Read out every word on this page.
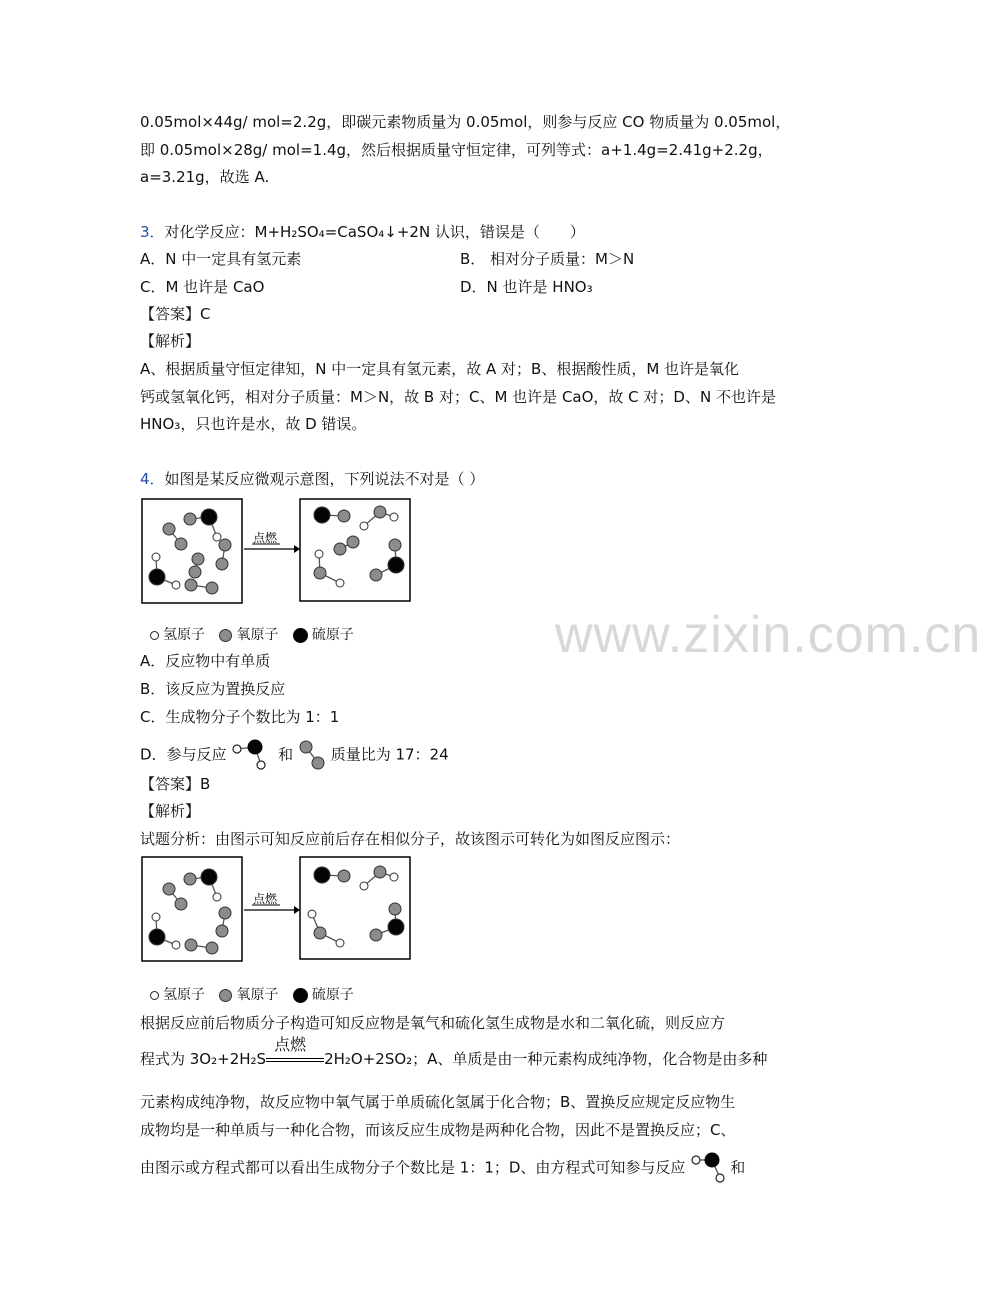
0.05mol×44g/ mol=2.2g，即碳元素物质量为 0.05mol，则参与反应 CO 物质量为 0.05mol，
即 0.05mol×28g/ mol=1.4g，然后根据质量守恒定律，可列等式：a+1.4g=2.41g+2.2g，
a=3.21g，故选 A.
3．对化学反应：M+H₂SO₄=CaSO₄↓+2N 认识，错误是（　　）
A．N 中一定具有氢元素	B． 相对分子质量：M＞N
C．M 也许是 CaO	D．N 也许是 HNO₃
【答案】C
【解析】
A、根据质量守恒定律知，N 中一定具有氢元素，故 A 对；B、根据酸性质，M 也许是氧化
钙或氢氧化钙，相对分子质量：M＞N，故 B 对；C、M 也许是 CaO，故 C 对；D、N 不也许是
HNO₃，只也许是水，故 D 错误。
4．如图是某反应微观示意图，下列说法不对是（ ）
点燃
氢原子 氧原子 硫原子	www.zixin.com.cn
A．反应物中有单质
B．该反应为置换反应
C．生成物分子个数比为 1：1
D．参与反应	和	质量比为 17：24
【答案】B
【解析】
试题分析：由图示可知反应前后存在相似分子，故该图示可转化为如图反应图示：
点燃
氢原子 氧原子 硫原子
根据反应前后物质分子构造可知反应物是氧气和硫化氢生成物是水和二氧化硫，则反应方
程式为 3O₂+2H₂S
点燃
2H₂O+2SO₂；A、单质是由一种元素构成纯净物，化合物是由多种
元素构成纯净物，故反应物中氧气属于单质硫化氢属于化合物；B、置换反应规定反应物生
成物均是一种单质与一种化合物，而该反应生成物是两种化合物，因此不是置换反应；C、
由图示或方程式都可以看出生成物分子个数比是 1：1；D、由方程式可知参与反应	和
